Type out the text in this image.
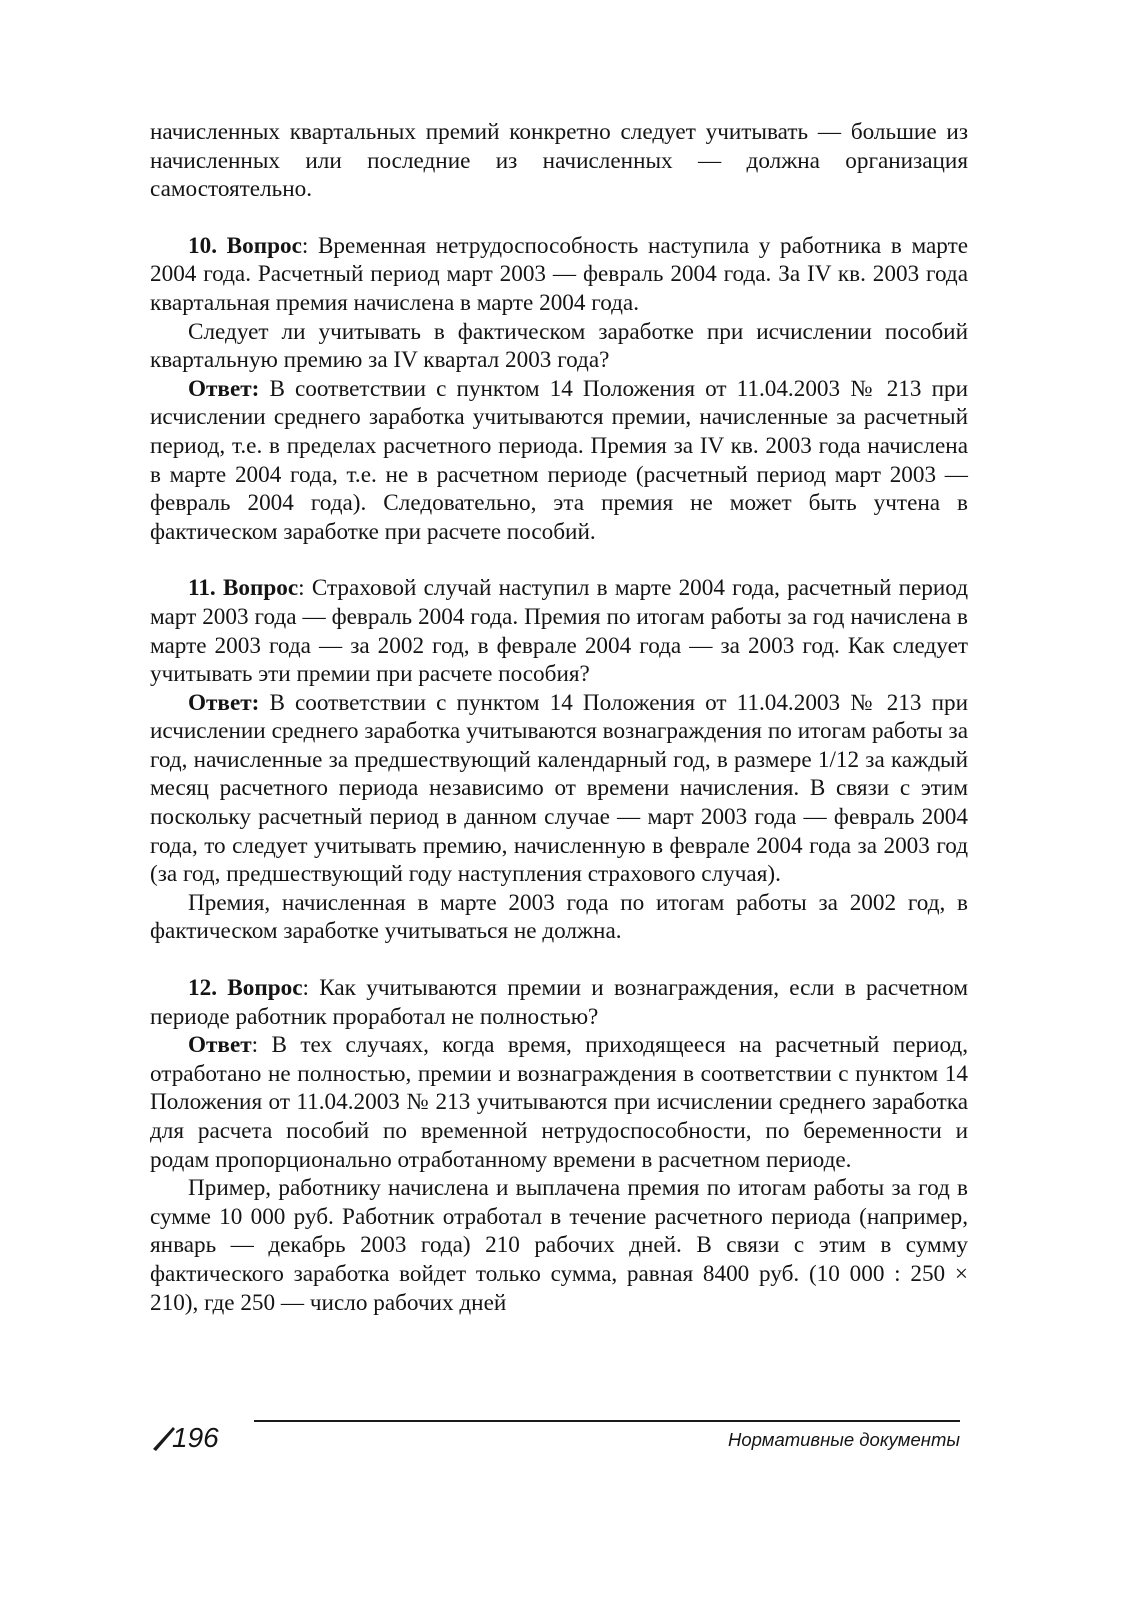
начисленных квартальных премий конкретно следует учитывать — большие из начисленных или последние из начисленных — должна организация самостоятельно.

10. Вопрос: Временная нетрудоспособность наступила у работника в марте 2004 года. Расчетный период март 2003 — февраль 2004 года. За IV кв. 2003 года квартальная премия начислена в марте 2004 года.

Следует ли учитывать в фактическом заработке при исчислении пособий квартальную премию за IV квартал 2003 года?

Ответ: В соответствии с пунктом 14 Положения от 11.04.2003 № 213 при исчислении среднего заработка учитываются премии, начисленные за расчетный период, т.е. в пределах расчетного периода. Премия за IV кв. 2003 года начислена в марте 2004 года, т.е. не в расчетном периоде (расчетный период март 2003 — февраль 2004 года). Следовательно, эта премия не может быть учтена в фактическом заработке при расчете пособий.

11. Вопрос: Страховой случай наступил в марте 2004 года, расчетный период март 2003 года — февраль 2004 года. Премия по итогам работы за год начислена в марте 2003 года — за 2002 год, в феврале 2004 года — за 2003 год. Как следует учитывать эти премии при расчете пособия?

Ответ: В соответствии с пунктом 14 Положения от 11.04.2003 № 213 при исчислении среднего заработка учитываются вознаграждения по итогам работы за год, начисленные за предшествующий календарный год, в размере 1/12 за каждый месяц расчетного периода независимо от времени начисления. В связи с этим поскольку расчетный период в данном случае — март 2003 года — февраль 2004 года, то следует учитывать премию, начисленную в феврале 2004 года за 2003 год (за год, предшествующий году наступления страхового случая).

Премия, начисленная в марте 2003 года по итогам работы за 2002 год, в фактическом заработке учитываться не должна.

12. Вопрос: Как учитываются премии и вознаграждения, если в расчетном периоде работник проработал не полностью?

Ответ: В тех случаях, когда время, приходящееся на расчетный период, отработано не полностью, премии и вознаграждения в соответствии с пунктом 14 Положения от 11.04.2003 № 213 учитываются при исчислении среднего заработка для расчета пособий по временной нетрудоспособности, по беременности и родам пропорционально отработанному времени в расчетном периоде.

Пример, работнику начислена и выплачена премия по итогам работы за год в сумме 10 000 руб. Работник отработал в течение расчетного периода (например, январь — декабрь 2003 года) 210 рабочих дней. В связи с этим в сумму фактического заработка войдет только сумма, равная 8400 руб. (10 000 : 250 × 210), где 250 — число рабочих дней

196	Нормативные документы
